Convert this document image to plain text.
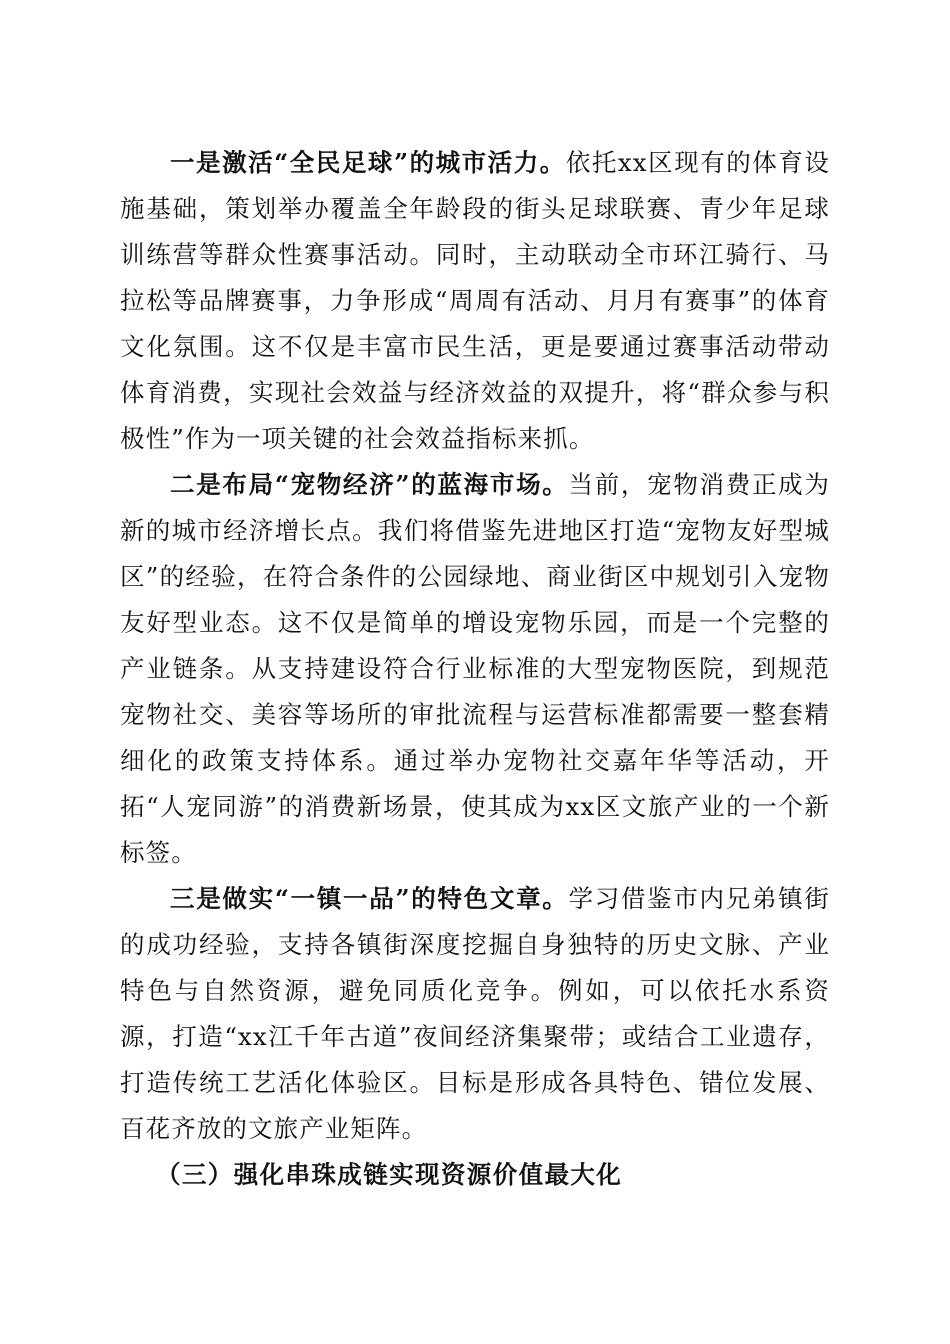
一是激活“全民足球”的城市活力。依托xx区现有的体育设施基础，策划举办覆盖全年龄段的街头足球联赛、青少年足球训练营等群众性赛事活动。同时，主动联动全市环江骑行、马拉松等品牌赛事，力争形成“周周有活动、月月有赛事”的体育文化氛围。这不仅是丰富市民生活，更是要通过赛事活动带动体育消费，实现社会效益与经济效益的双提升，将“群众参与积极性”作为一项关键的社会效益指标来抓。

二是布局“宠物经济”的蓝海市场。当前，宠物消费正成为新的城市经济增长点。我们将借鉴先进地区打造“宠物友好型城区”的经验，在符合条件的公园绿地、商业街区中规划引入宠物友好型业态。这不仅是简单的增设宠物乐园，而是一个完整的产业链条。从支持建设符合行业标准的大型宠物医院，到规范宠物社交、美容等场所的审批流程与运营标准都需要一整套精细化的政策支持体系。通过举办宠物社交嘉年华等活动，开拓“人宠同游”的消费新场景，使其成为xx区文旅产业的一个新标签。

三是做实“一镇一品”的特色文章。学习借鉴市内兄弟镇街的成功经验，支持各镇街深度挖掘自身独特的历史文脉、产业特色与自然资源，避免同质化竞争。例如，可以依托水系资源，打造“xx江千年古道”夜间经济集聚带；或结合工业遗存，打造传统工艺活化体验区。目标是形成各具特色、错位发展、百花齐放的文旅产业矩阵。

（三）强化串珠成链实现资源价值最大化
